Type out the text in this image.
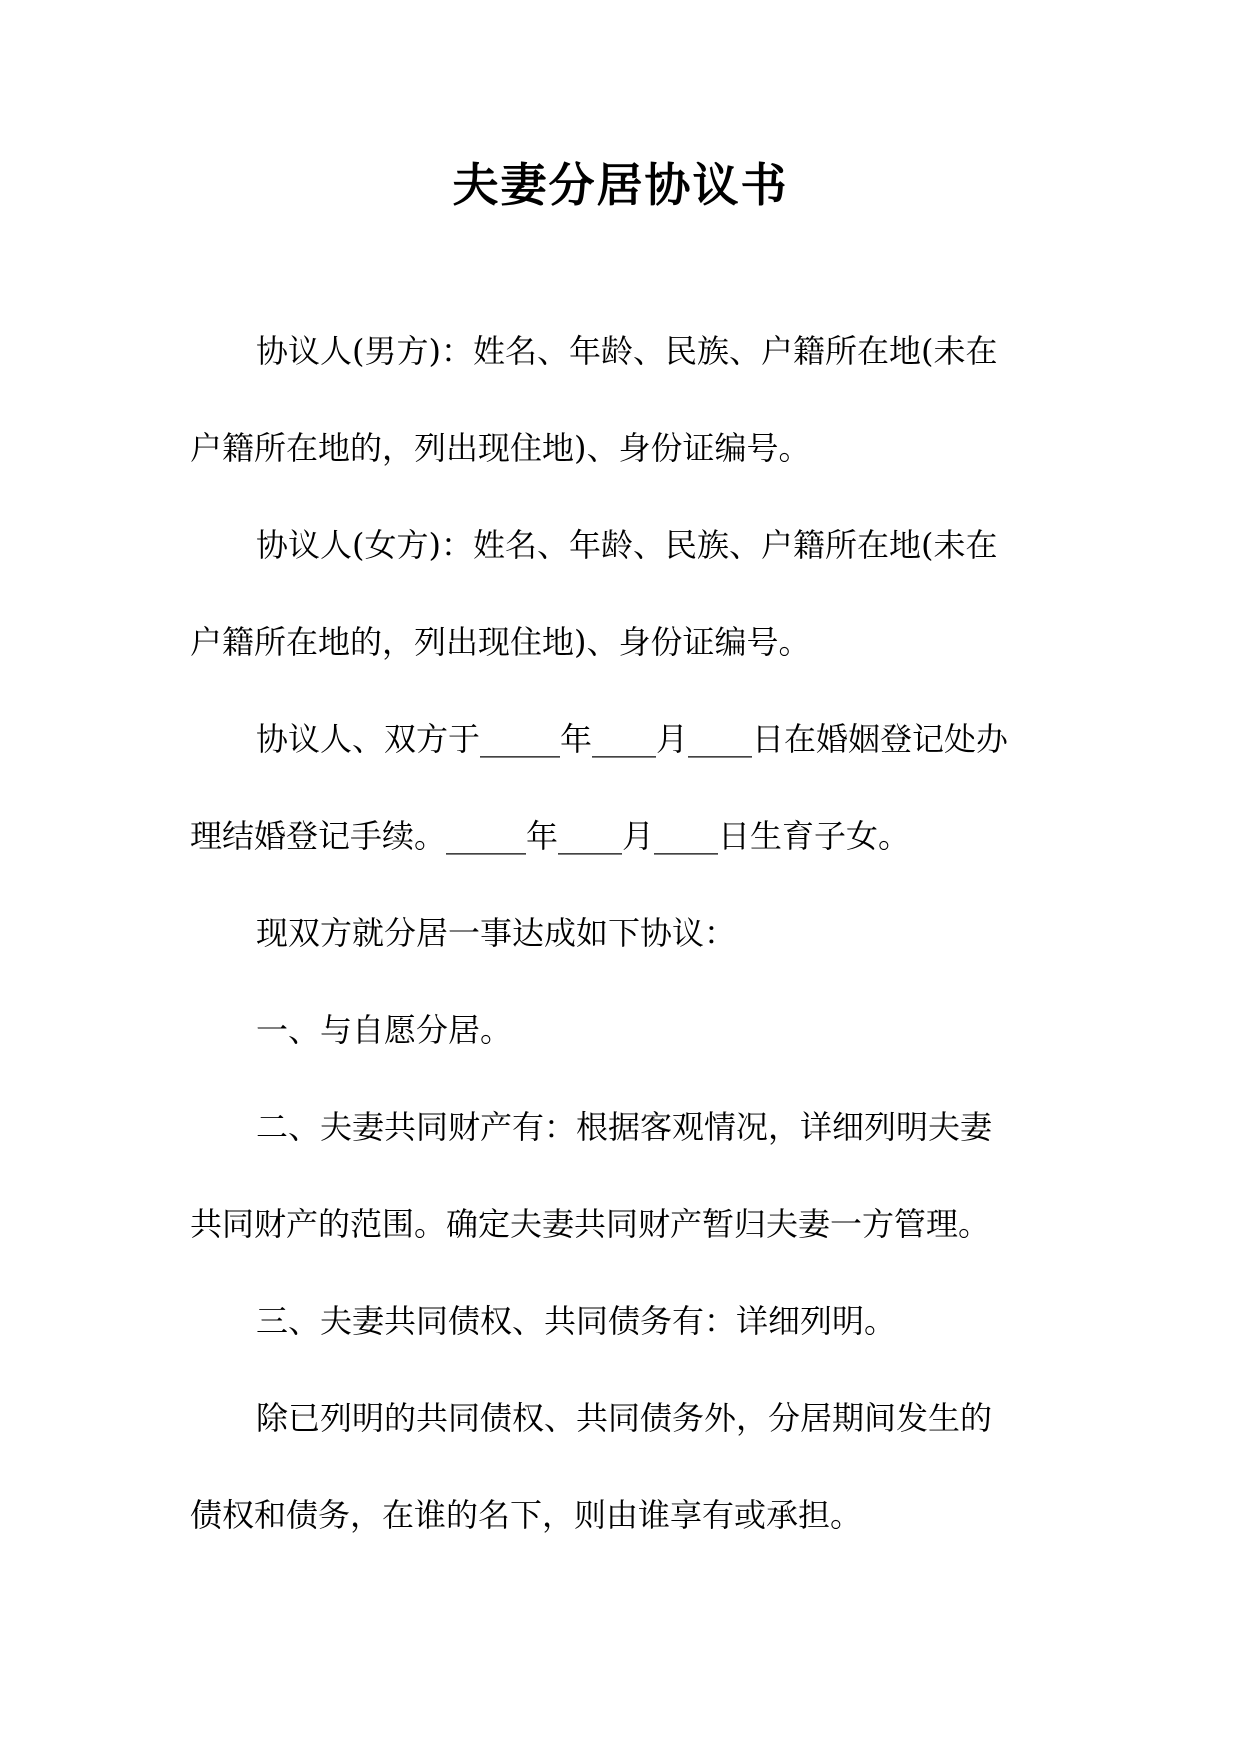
夫妻分居协议书

协议人(男方)：姓名、年龄、民族、户籍所在地(未在
户籍所在地的，列出现住地)、身份证编号。

协议人(女方)：姓名、年龄、民族、户籍所在地(未在
户籍所在地的，列出现住地)、身份证编号。

协议人、双方于_____年____月____日在婚姻登记处办
理结婚登记手续。_____年____月____日生育子女。

现双方就分居一事达成如下协议：

一、与自愿分居。

二、夫妻共同财产有：根据客观情况，详细列明夫妻
共同财产的范围。确定夫妻共同财产暂归夫妻一方管理。

三、夫妻共同债权、共同债务有：详细列明。

除已列明的共同债权、共同债务外，分居期间发生的
债权和债务，在谁的名下，则由谁享有或承担。
